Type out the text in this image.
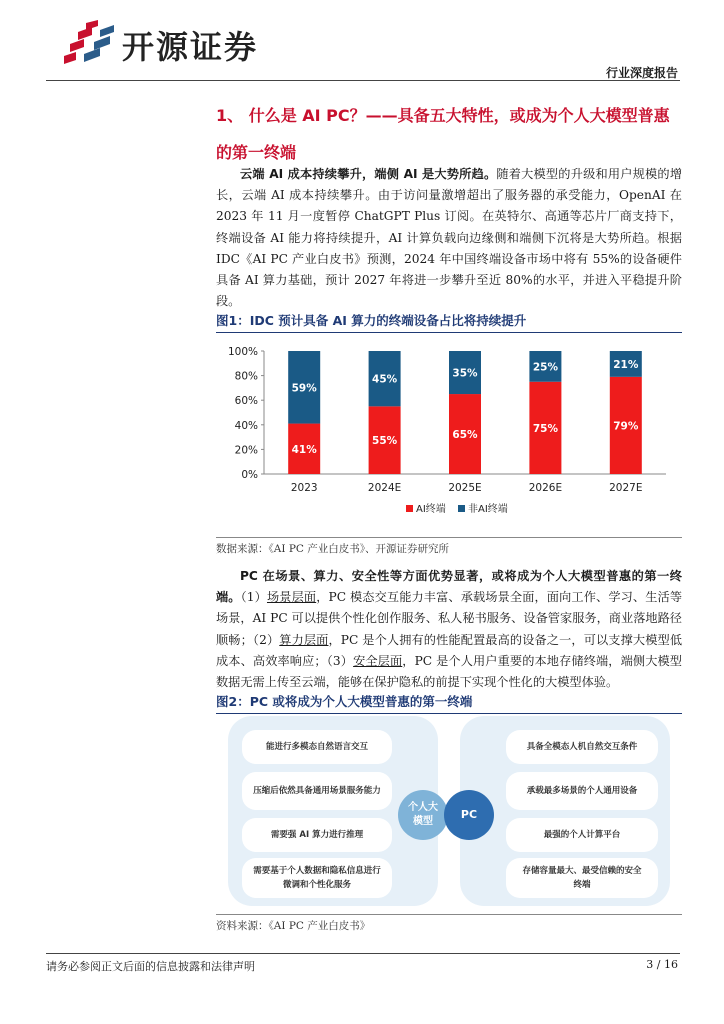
开源证券
行业深度报告
1、 什么是 AI PC？——具备五大特性，或成为个人大模型普惠的第一终端
云端 AI 成本持续攀升，端侧 AI 是大势所趋。随着大模型的升级和用户规模的增长，云端 AI 成本持续攀升。由于访问量激增超出了服务器的承受能力，OpenAI 在 2023 年 11 月一度暂停 ChatGPT Plus 订阅。在英特尔、高通等芯片厂商支持下，终端设备 AI 能力将持续提升，AI 计算负载向边缘侧和端侧下沉将是大势所趋。根据 IDC《AI PC 产业白皮书》预测，2024 年中国终端设备市场中将有 55%的设备硬件具备 AI 算力基础，预计 2027 年将进一步攀升至近 80%的水平，并进入平稳提升阶段。
图1：IDC 预计具备 AI 算力的终端设备占比将持续提升
0%
20%
40%
60%
80%
100%
41%
59%
2023
55%
45%
2024E
65%
35%
2025E
75%
25%
2026E
79%
21%
2027E
AI终端 非AI终端
数据来源：《AI PC 产业白皮书》、开源证券研究所
PC 在场景、算力、安全性等方面优势显著，或将成为个人大模型普惠的第一终端。（1）场景层面，PC 模态交互能力丰富、承载场景全面，面向工作、学习、生活等场景，AI PC 可以提供个性化创作服务、私人秘书服务、设备管家服务，商业落地路径顺畅；（2）算力层面，PC 是个人拥有的性能配置最高的设备之一，可以支撑大模型低成本、高效率响应；（3）安全层面，PC 是个人用户重要的本地存储终端，端侧大模型数据无需上传至云端，能够在保护隐私的前提下实现个性化的大模型体验。
图2：PC 或将成为个人大模型普惠的第一终端
能进行多模态自然语言交互
压缩后依然具备通用场景服务能力
需要强 AI 算力进行推理
需要基于个人数据和隐私信息进行微调和个性化服务
具备全模态人机自然交互条件
承载最多场景的个人通用设备
最强的个人计算平台
存储容量最大、最受信赖的安全终端
个人大模型
PC
资料来源：《AI PC 产业白皮书》
请务必参阅正文后面的信息披露和法律声明	3 / 16
